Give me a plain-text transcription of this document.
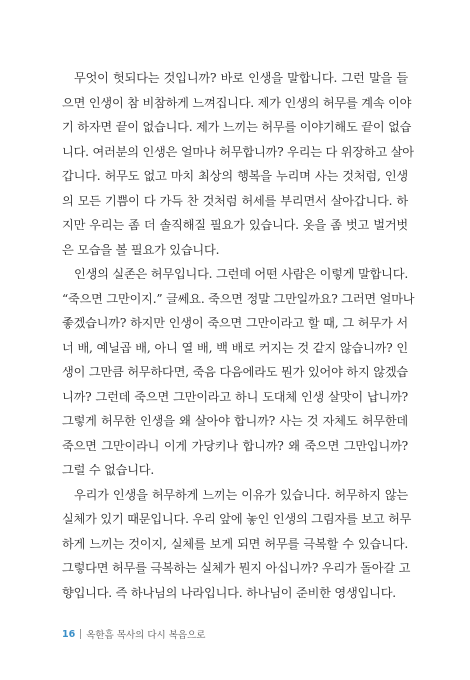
무엇이 헛되다는 것입니까? 바로 인생을 말합니다. 그런 말을 들
으면 인생이 참 비참하게 느껴집니다. 제가 인생의 허무를 계속 이야
기 하자면 끝이 없습니다. 제가 느끼는 허무를 이야기해도 끝이 없습
니다. 여러분의 인생은 얼마나 허무합니까? 우리는 다 위장하고 살아
갑니다. 허무도 없고 마치 최상의 행복을 누리며 사는 것처럼, 인생
의 모든 기쁨이 다 가득 찬 것처럼 허세를 부리면서 살아갑니다. 하
지만 우리는 좀 더 솔직해질 필요가 있습니다. 옷을 좀 벗고 벌거벗
은 모습을 볼 필요가 있습니다.
인생의 실존은 허무입니다. 그런데 어떤 사람은 이렇게 말합니다.
“죽으면 그만이지.” 글쎄요. 죽으면 정말 그만일까요? 그러면 얼마나
좋겠습니까? 하지만 인생이 죽으면 그만이라고 할 때, 그 허무가 서
너 배, 예닐곱 배, 아니 열 배, 백 배로 커지는 것 같지 않습니까? 인
생이 그만큼 허무하다면, 죽음 다음에라도 뭔가 있어야 하지 않겠습
니까? 그런데 죽으면 그만이라고 하니 도대체 인생 살맛이 납니까?
그렇게 허무한 인생을 왜 살아야 합니까? 사는 것 자체도 허무한데
죽으면 그만이라니 이게 가당키나 합니까? 왜 죽으면 그만입니까?
그럴 수 없습니다.
우리가 인생을 허무하게 느끼는 이유가 있습니다. 허무하지 않는
실체가 있기 때문입니다. 우리 앞에 놓인 인생의 그림자를 보고 허무
하게 느끼는 것이지, 실체를 보게 되면 허무를 극복할 수 있습니다.
그렇다면 허무를 극복하는 실체가 뭔지 아십니까? 우리가 돌아갈 고
향입니다. 즉 하나님의 나라입니다. 하나님이 준비한 영생입니다.
16 옥한흠 목사의 다시 복음으로
